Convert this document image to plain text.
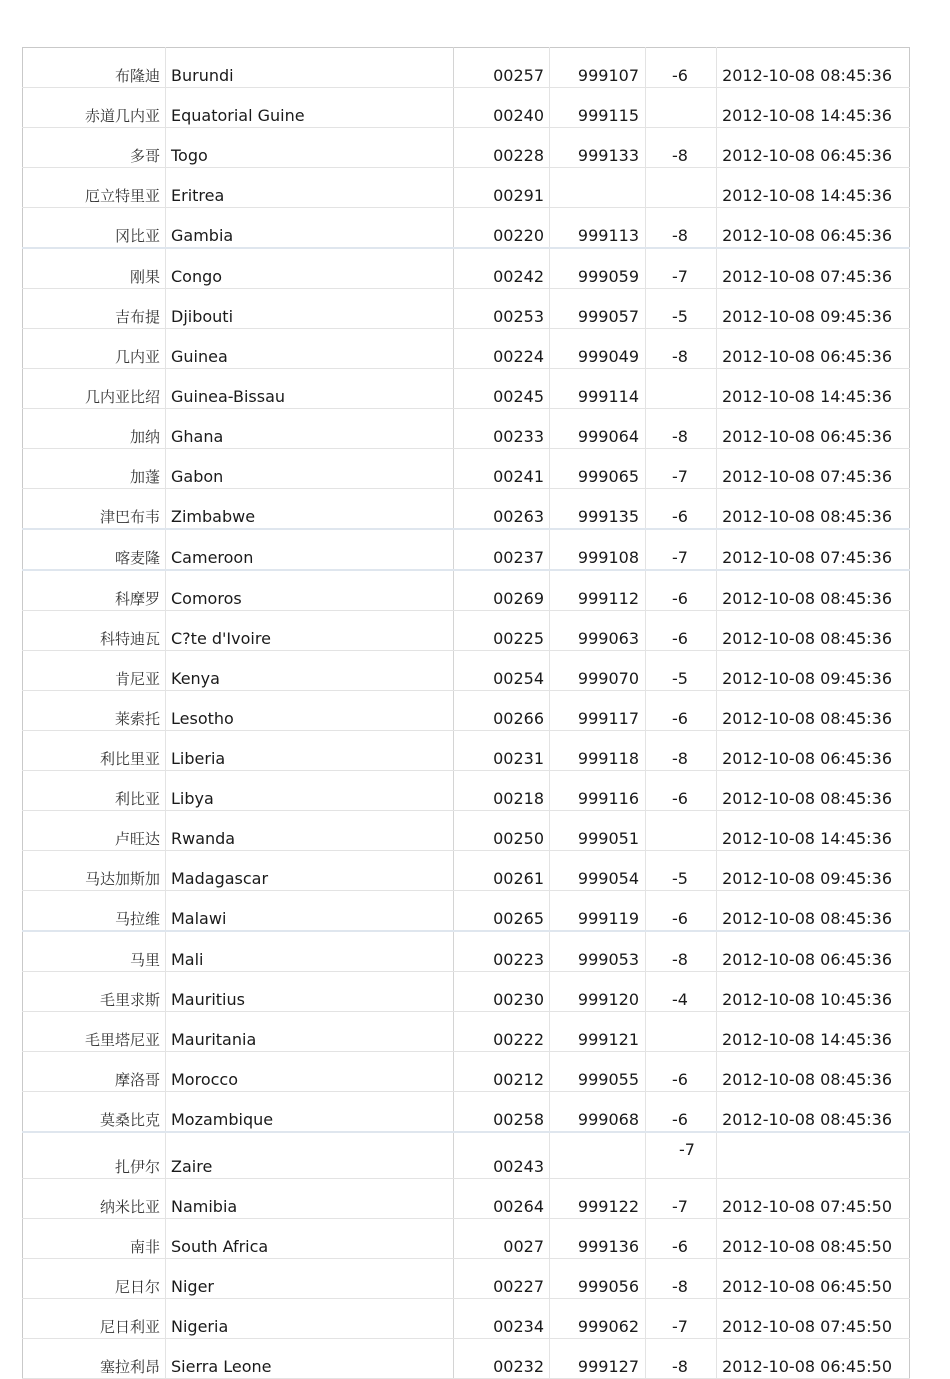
布隆迪	Burundi	00257	999107	-6	2012-10-08 08:45:36
赤道几内亚	Equatorial Guine	00240	999115		2012-10-08 14:45:36
多哥	Togo	00228	999133	-8	2012-10-08 06:45:36
厄立特里亚	Eritrea	00291			2012-10-08 14:45:36
冈比亚	Gambia	00220	999113	-8	2012-10-08 06:45:36
刚果	Congo	00242	999059	-7	2012-10-08 07:45:36
吉布提	Djibouti	00253	999057	-5	2012-10-08 09:45:36
几内亚	Guinea	00224	999049	-8	2012-10-08 06:45:36
几内亚比绍	Guinea-Bissau	00245	999114		2012-10-08 14:45:36
加纳	Ghana	00233	999064	-8	2012-10-08 06:45:36
加蓬	Gabon	00241	999065	-7	2012-10-08 07:45:36
津巴布韦	Zimbabwe	00263	999135	-6	2012-10-08 08:45:36
喀麦隆	Cameroon	00237	999108	-7	2012-10-08 07:45:36
科摩罗	Comoros	00269	999112	-6	2012-10-08 08:45:36
科特迪瓦	C?te d'Ivoire	00225	999063	-6	2012-10-08 08:45:36
肯尼亚	Kenya	00254	999070	-5	2012-10-08 09:45:36
莱索托	Lesotho	00266	999117	-6	2012-10-08 08:45:36
利比里亚	Liberia	00231	999118	-8	2012-10-08 06:45:36
利比亚	Libya	00218	999116	-6	2012-10-08 08:45:36
卢旺达	Rwanda	00250	999051		2012-10-08 14:45:36
马达加斯加	Madagascar	00261	999054	-5	2012-10-08 09:45:36
马拉维	Malawi	00265	999119	-6	2012-10-08 08:45:36
马里	Mali	00223	999053	-8	2012-10-08 06:45:36
毛里求斯	Mauritius	00230	999120	-4	2012-10-08 10:45:36
毛里塔尼亚	Mauritania	00222	999121		2012-10-08 14:45:36
摩洛哥	Morocco	00212	999055	-6	2012-10-08 08:45:36
莫桑比克	Mozambique	00258	999068	-6	2012-10-08 08:45:36
扎伊尔	Zaire	00243		-7	
纳米比亚	Namibia	00264	999122	-7	2012-10-08 07:45:50
南非	South Africa	0027	999136	-6	2012-10-08 08:45:50
尼日尔	Niger	00227	999056	-8	2012-10-08 06:45:50
尼日利亚	Nigeria	00234	999062	-7	2012-10-08 07:45:50
塞拉利昂	Sierra Leone	00232	999127	-8	2012-10-08 06:45:50
